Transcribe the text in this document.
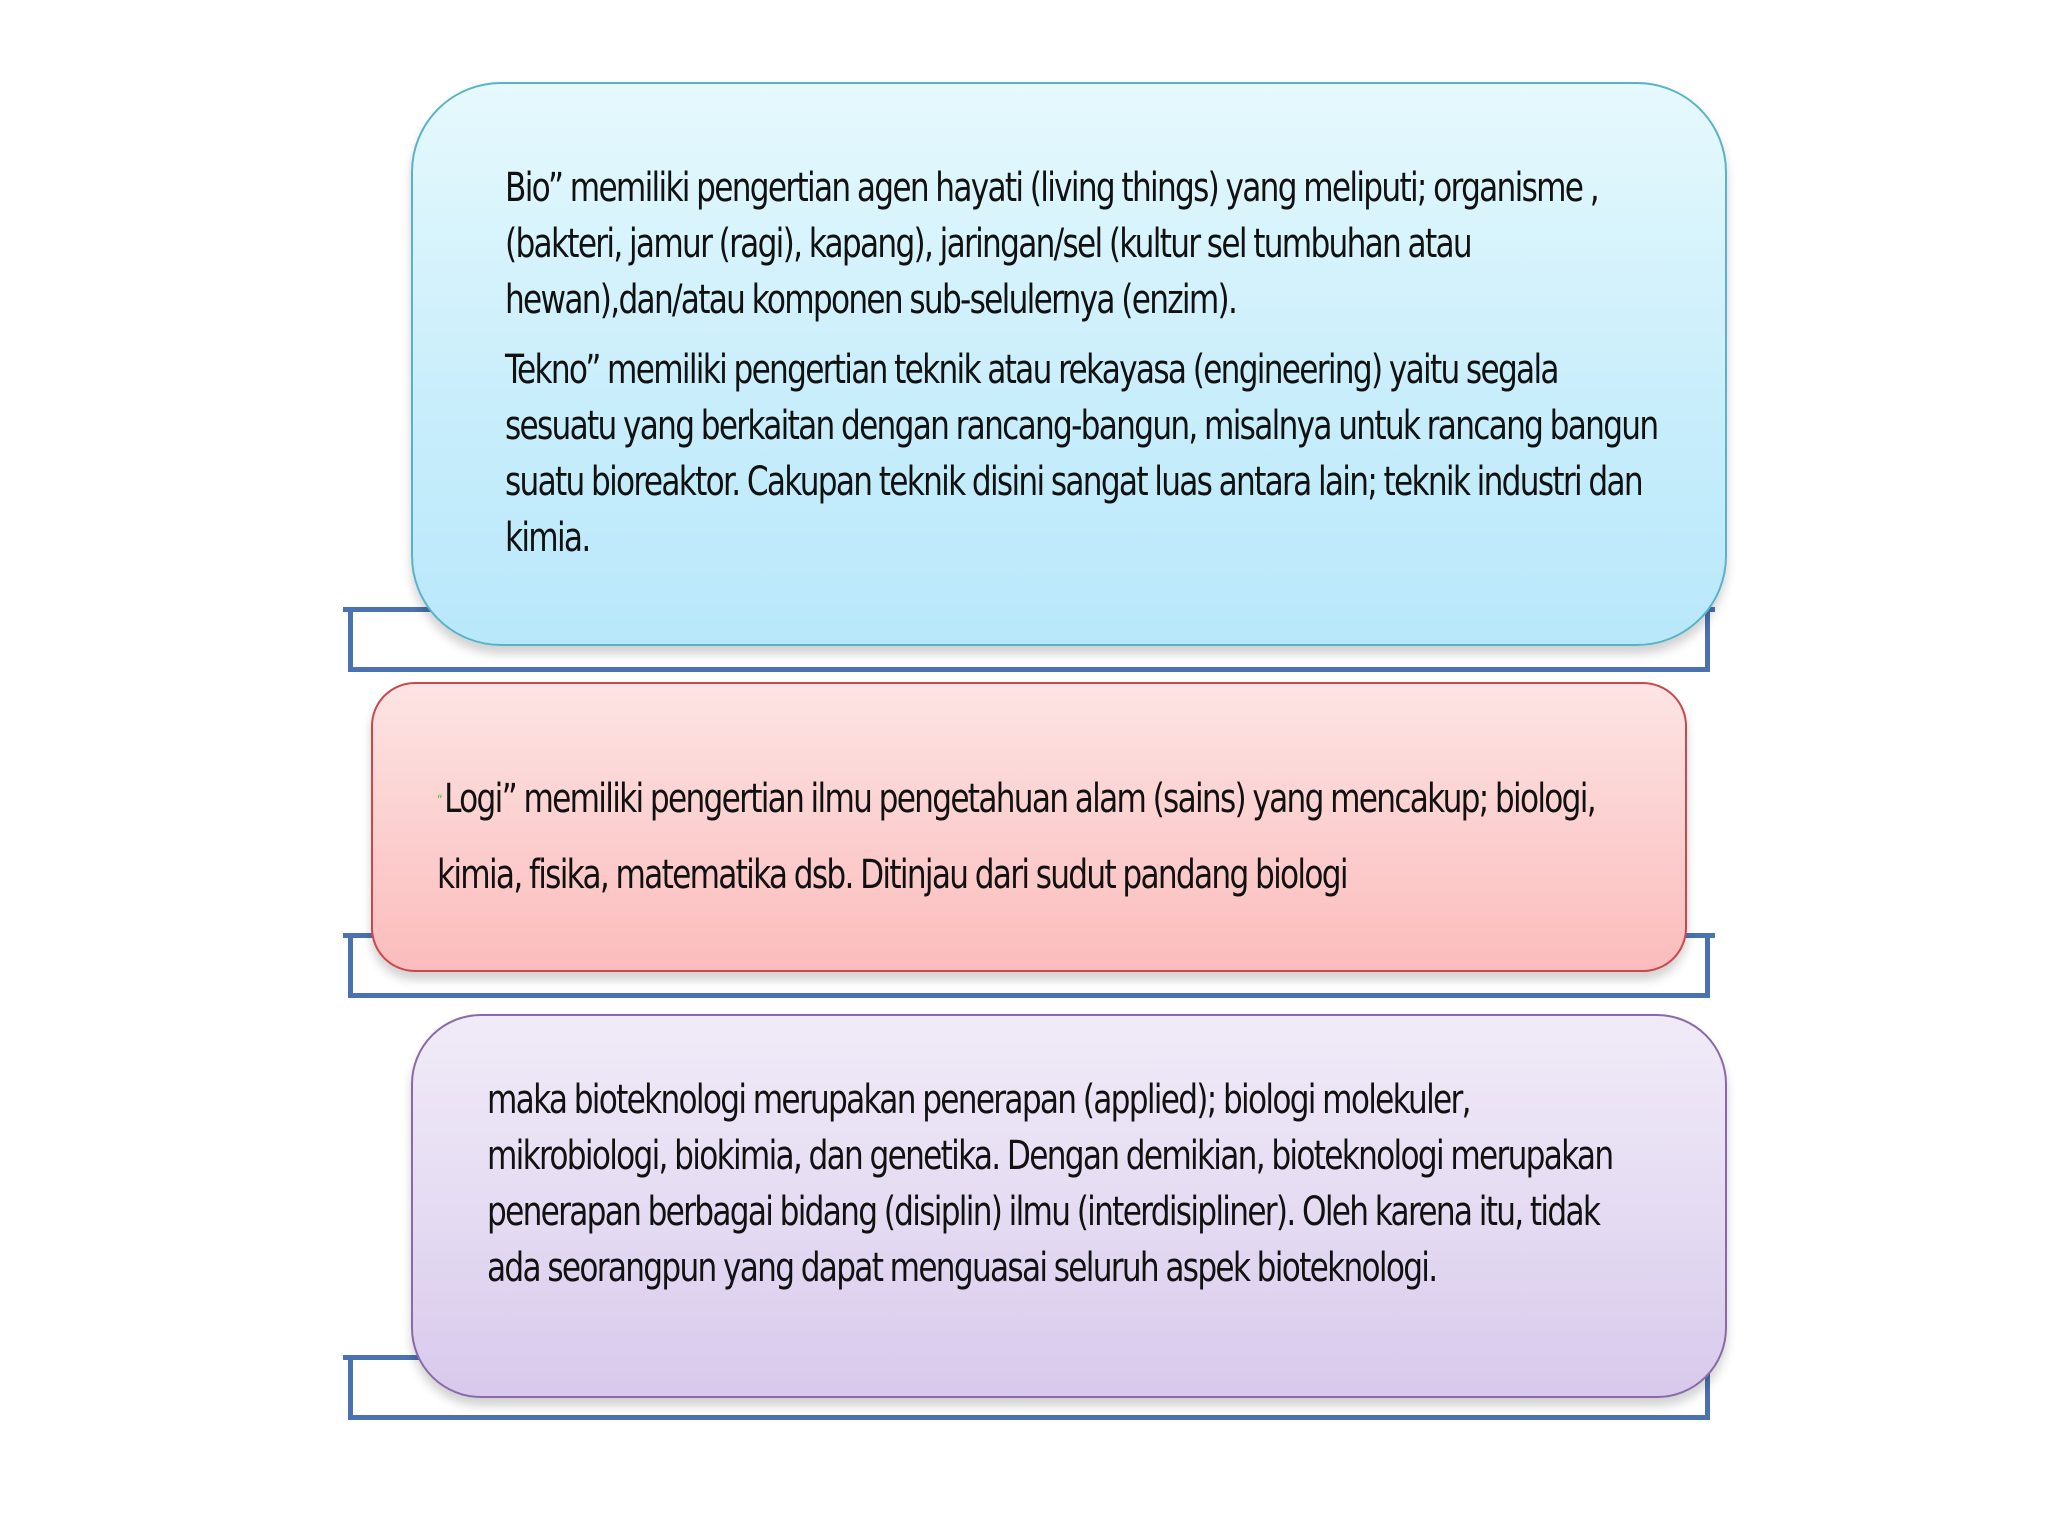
Bio” memiliki pengertian agen hayati (living things) yang meliputi; organisme ,(bakteri, jamur (ragi), kapang), jaringan/sel (kultur sel tumbuhan atau hewan),dan/atau komponen sub-selulernya (enzim).

Tekno” memiliki pengertian teknik atau rekayasa (engineering) yaitu segala sesuatu yang berkaitan dengan rancang-bangun, misalnya untuk rancang bangun suatu bioreaktor. Cakupan teknik disini sangat luas antara lain; teknik industri dan kimia.

“Logi” memiliki pengertian ilmu pengetahuan alam (sains) yang mencakup; biologi, kimia, fisika, matematika dsb. Ditinjau dari sudut pandang biologi

maka bioteknologi merupakan penerapan (applied); biologi molekuler, mikrobiologi, biokimia, dan genetika. Dengan demikian, bioteknologi merupakan penerapan berbagai bidang (disiplin) ilmu (interdisipliner). Oleh karena itu, tidak ada seorangpun yang dapat menguasai seluruh aspek bioteknologi.
